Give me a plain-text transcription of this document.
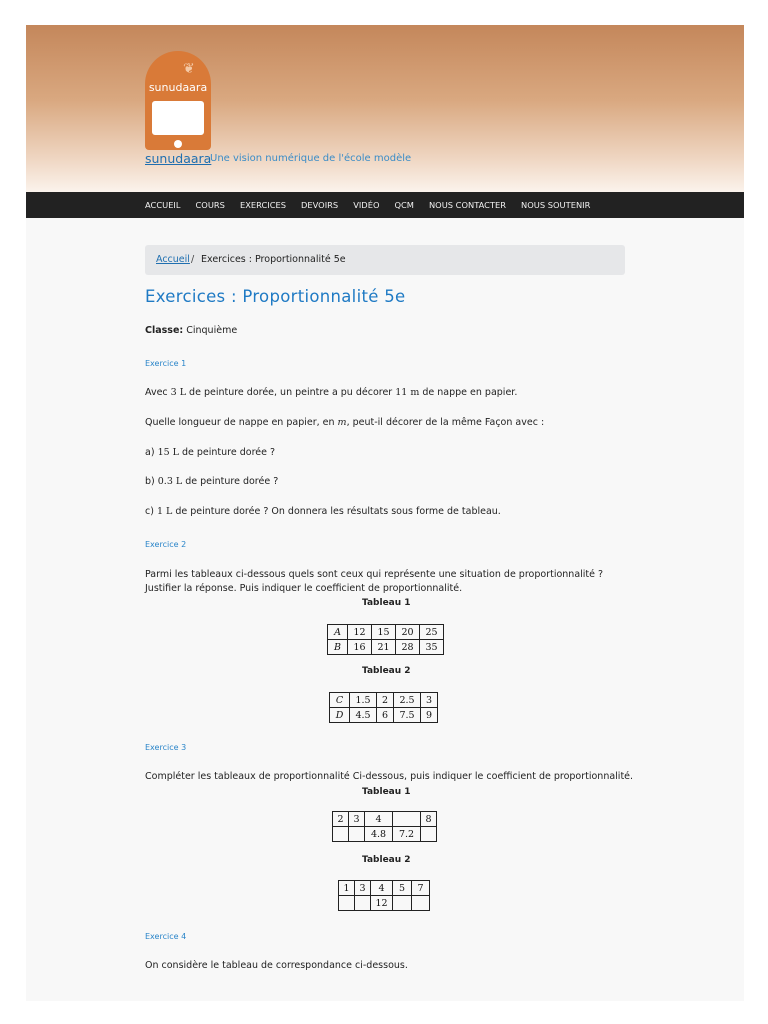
❦
sunudaara
sunudaara
Une vision numérique de l'école modèle
ACCUEIL COURS EXERCICES DEVOIRS VIDÉO QCM NOUS CONTACTER NOUS SOUTENIR
Accueil / Exercices : Proportionnalité 5e
Exercices : Proportionnalité 5e
Classe: Cinquième
Exercice 1
Avec 3 L de peinture dorée, un peintre a pu décorer 11 m de nappe en papier.
Quelle longueur de nappe en papier, en m, peut-il décorer de la même Façon avec :
a) 15 L de peinture dorée ?
b) 0.3 L de peinture dorée ?
c) 1 L de peinture dorée ? On donnera les résultats sous forme de tableau.
Exercice 2
Parmi les tableaux ci-dessous quels sont ceux qui représente une situation de proportionnalité ? Justifier la réponse. Puis indiquer le coefficient de proportionnalité.
Tableau 1
A	12	15	20	25
B	16	21	28	35
Tableau 2
C	1.5	2	2.5	3
D	4.5	6	7.5	9
Exercice 3
Compléter les tableaux de proportionnalité Ci-dessous, puis indiquer le coefficient de proportionnalité.
Tableau 1
2	3	4		8
		4.8	7.2	
Tableau 2
1	3	4	5	7
		12		
Exercice 4
On considère le tableau de correspondance ci-dessous.
